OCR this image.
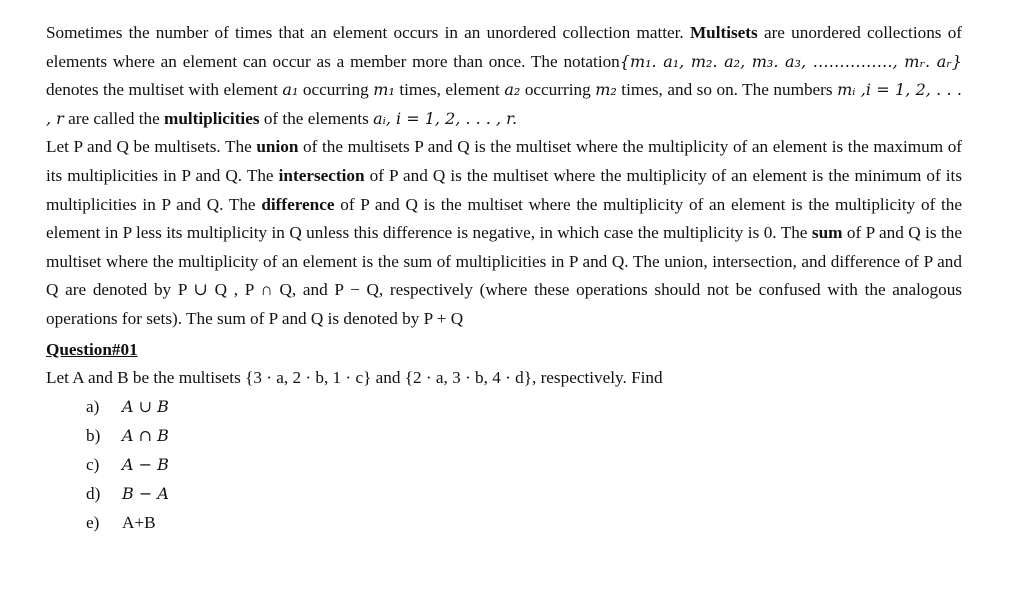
Sometimes the number of times that an element occurs in an unordered collection matter. Multisets are unordered collections of elements where an element can occur as a member more than once. The notation{m₁. a₁, m₂. a₂, m₃. a₃, ……………, mᵣ. aᵣ} denotes the multiset with element a₁ occurring m₁ times, element a₂ occurring m₂ times, and so on. The numbers mᵢ ,i = 1, 2, . . . , r are called the multiplicities of the elements aᵢ, i = 1, 2, . . . , r.
Let P and Q be multisets. The union of the multisets P and Q is the multiset where the multiplicity of an element is the maximum of its multiplicities in P and Q. The intersection of P and Q is the multiset where the multiplicity of an element is the minimum of its multiplicities in P and Q. The difference of P and Q is the multiset where the multiplicity of an element is the multiplicity of the element in P less its multiplicity in Q unless this difference is negative, in which case the multiplicity is 0. The sum of P and Q is the multiset where the multiplicity of an element is the sum of multiplicities in P and Q. The union, intersection, and difference of P and Q are denoted by P ∪ Q , P ∩ Q, and P − Q, respectively (where these operations should not be confused with the analogous operations for sets). The sum of P and Q is denoted by P + Q
Question#01
Let A and B be the multisets {3 · a, 2 · b, 1 · c} and {2 · a, 3 · b, 4 · d}, respectively. Find
a)	A ∪ B
b)	A ∩ B
c)	A − B
d)	B − A
e)	A+B
